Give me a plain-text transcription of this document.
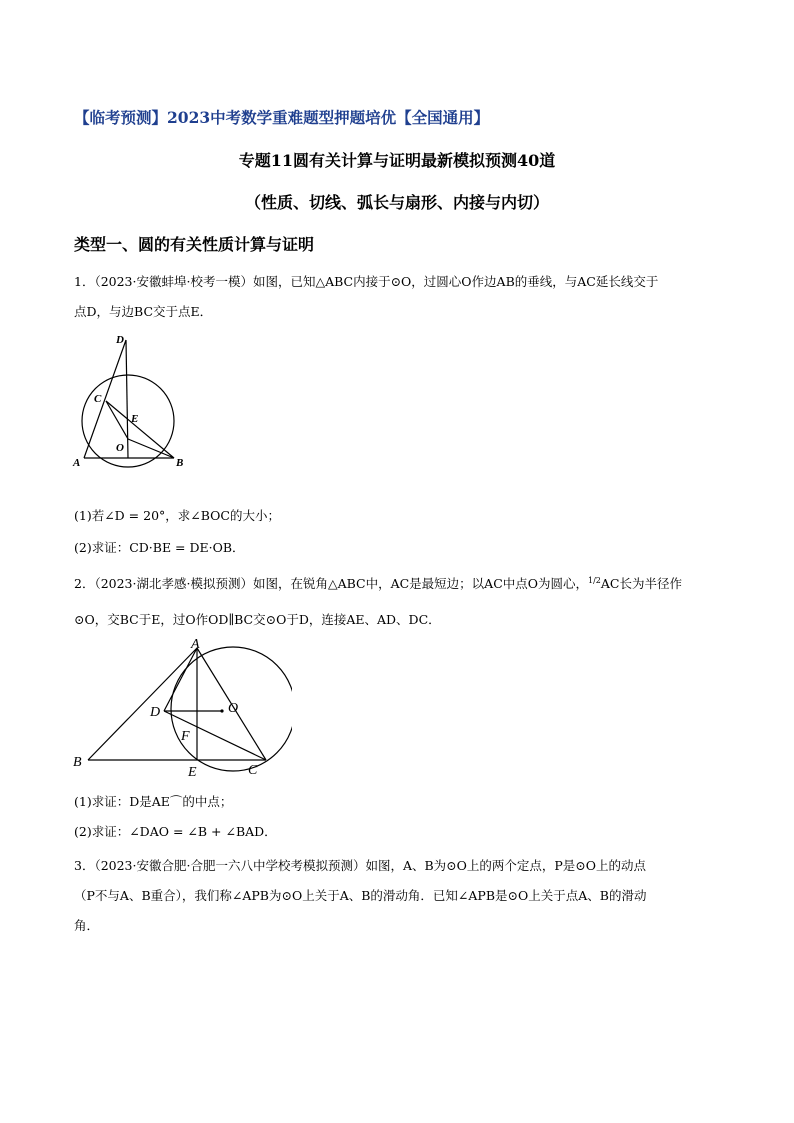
【临考预测】2023中考数学重难题型押题培优【全国通用】
专题11圆有关计算与证明最新模拟预测40道
（性质、切线、弧长与扇形、内接与内切）
类型一、圆的有关性质计算与证明
1．（2023·安徽蚌埠·校考一模）如图，已知△ABC内接于⊙O，过圆心O作边AB的垂线，与AC延长线交于
点D，与边BC交于点E．
D
C
E
O
A	B
(1)若∠D = 20°，求∠BOC的大小；
(2)求证：CD·BE = DE·OB．
2．（2023·湖北孝感·模拟预测）如图，在锐角△ABC中，AC是最短边；以AC中点O为圆心，1/2AC长为半径作
⊙O，交BC于E，过O作OD∥BC交⊙O于D，连接AE、AD、DC．
A
O
D
F
B
E	C
(1)求证：D是AE⌒的中点；
(2)求证：∠DAO = ∠B + ∠BAD．
3．（2023·安徽合肥·合肥一六八中学校考模拟预测）如图，A、B为⊙O上的两个定点，P是⊙O上的动点
（P不与A、B重合），我们称∠APB为⊙O上关于A、B的滑动角．已知∠APB是⊙O上关于点A、B的滑动
角．
